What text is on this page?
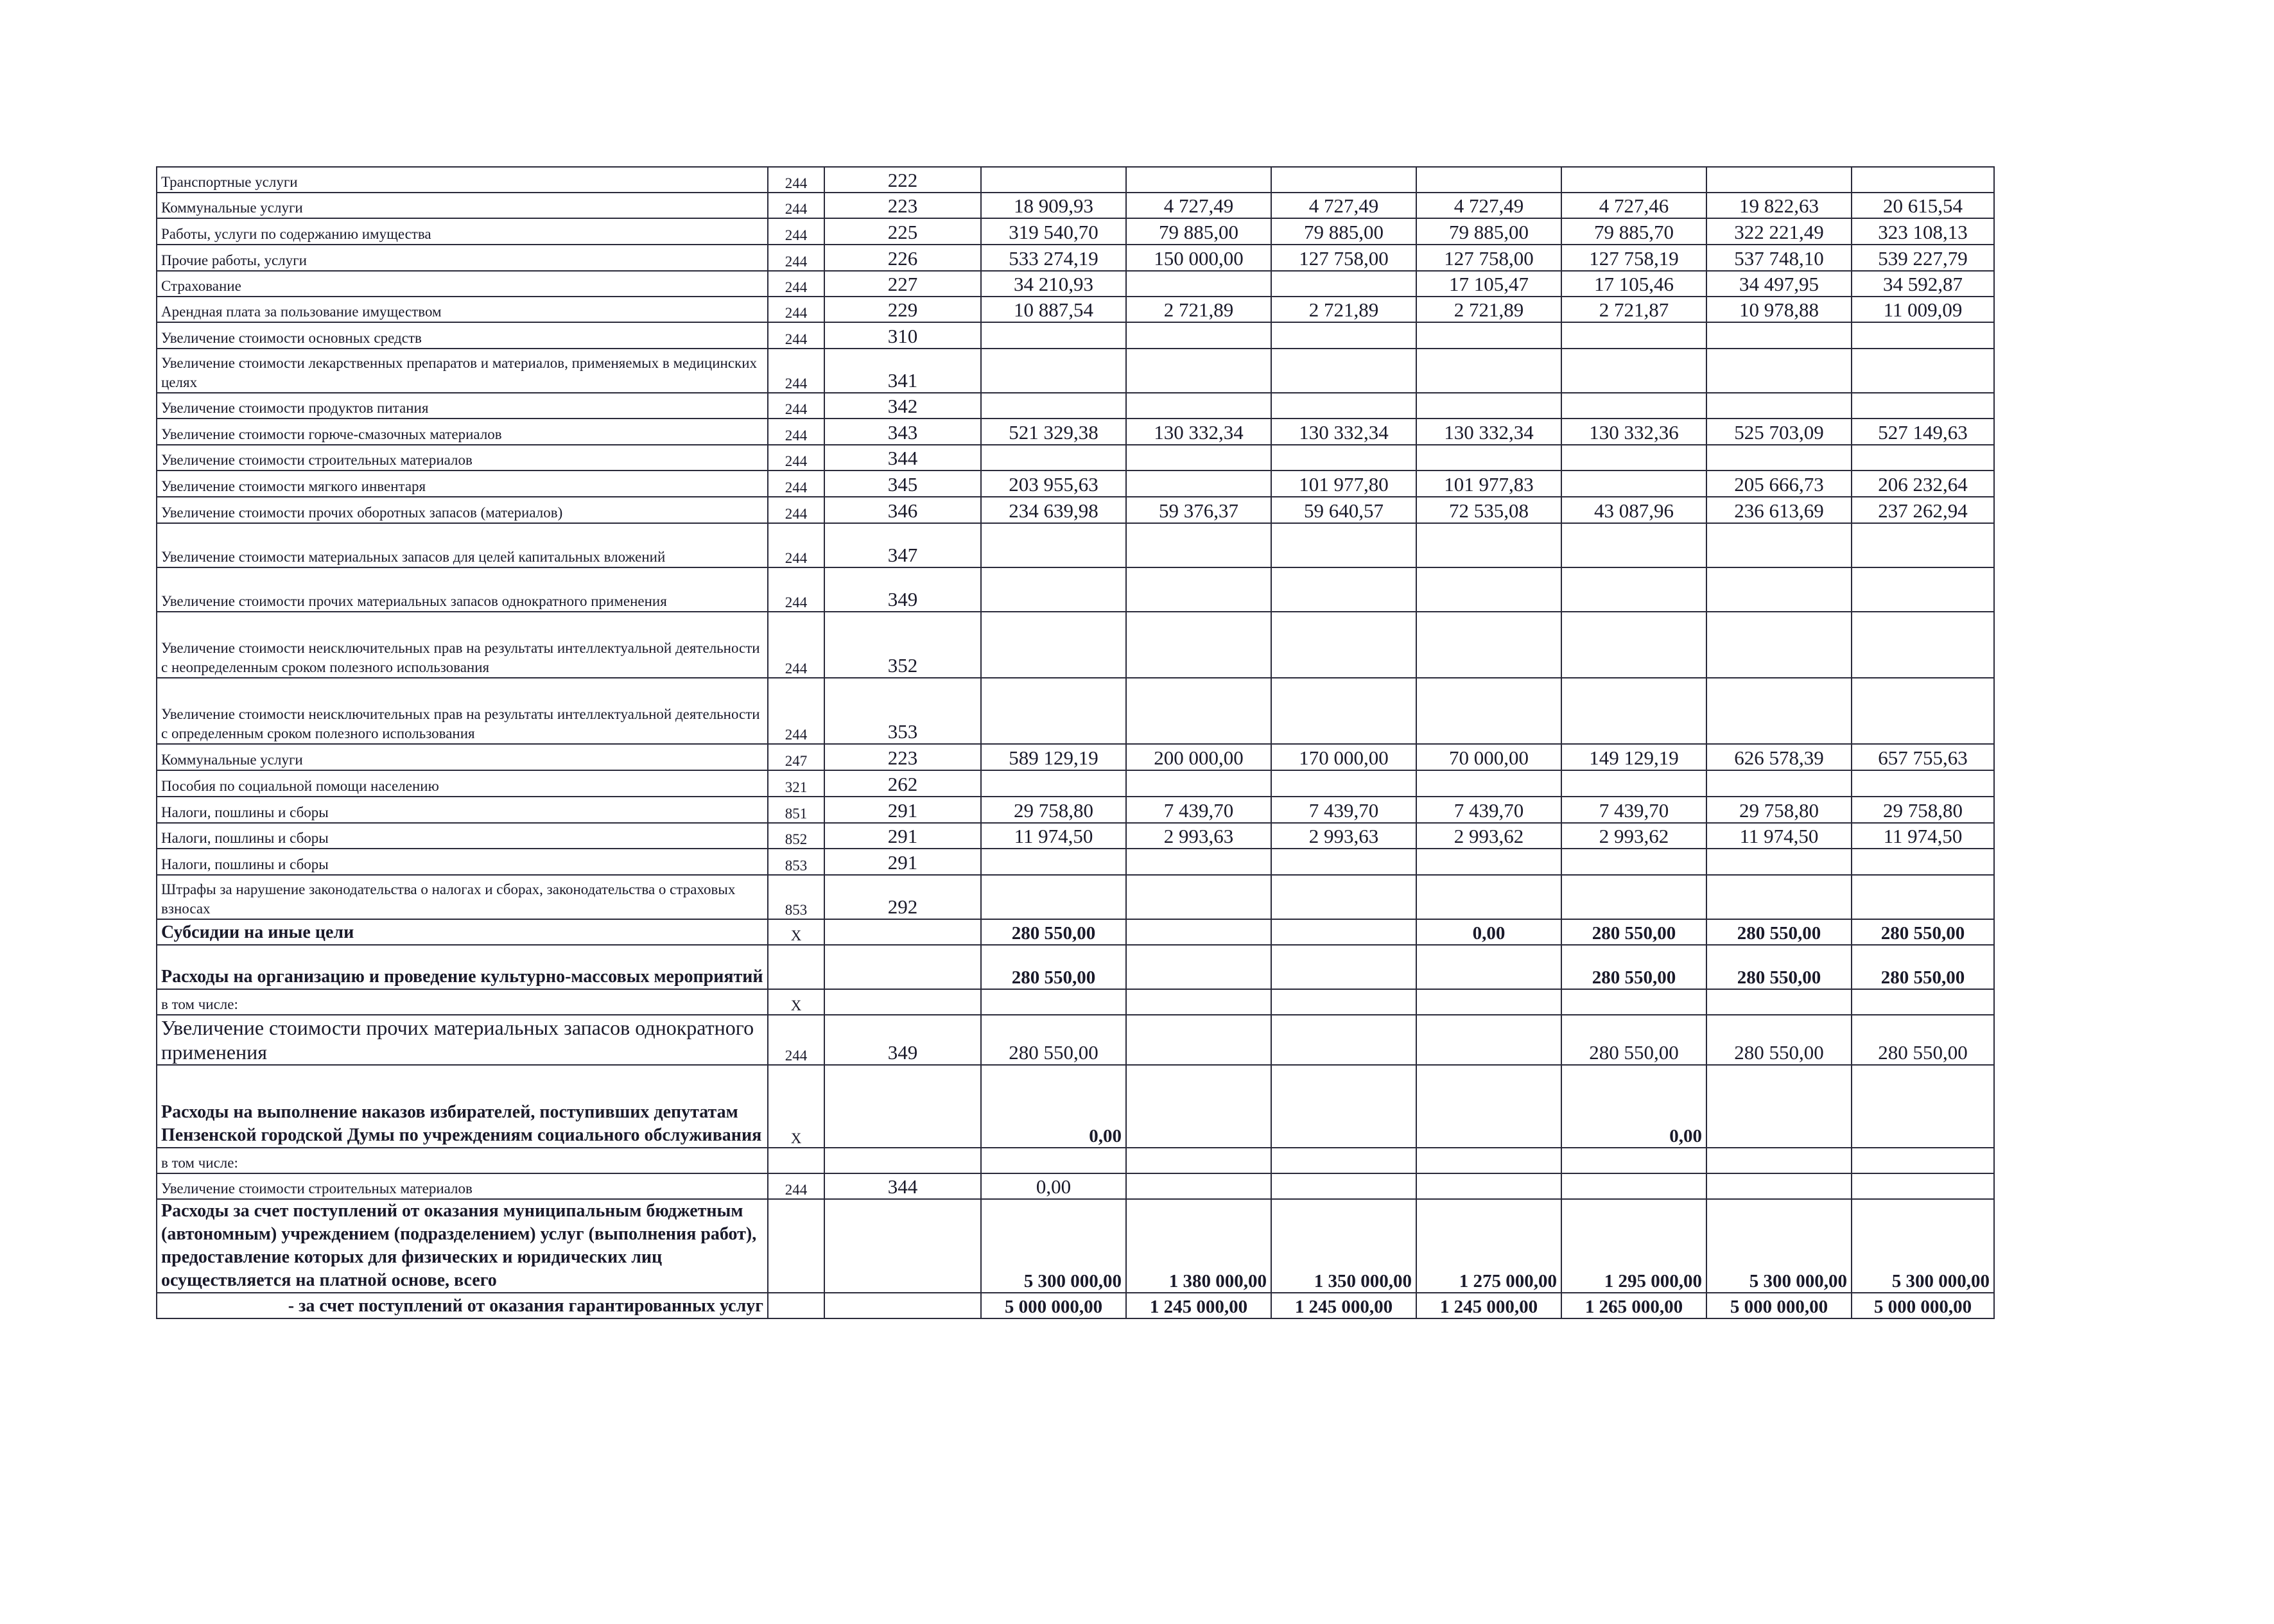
Транспортные услуги	244	222							
Коммунальные услуги	244	223	18 909,93	4 727,49	4 727,49	4 727,49	4 727,46	19 822,63	20 615,54
Работы, услуги по содержанию имущества	244	225	319 540,70	79 885,00	79 885,00	79 885,00	79 885,70	322 221,49	323 108,13
Прочие работы, услуги	244	226	533 274,19	150 000,00	127 758,00	127 758,00	127 758,19	537 748,10	539 227,79
Страхование	244	227	34 210,93			17 105,47	17 105,46	34 497,95	34 592,87
Арендная плата за пользование имуществом	244	229	10 887,54	2 721,89	2 721,89	2 721,89	2 721,87	10 978,88	11 009,09
Увеличение стоимости основных средств	244	310							
Увеличение стоимости лекарственных препаратов и материалов, применяемых в медицинских целях	244	341							
Увеличение стоимости продуктов питания	244	342							
Увеличение стоимости горюче-смазочных материалов	244	343	521 329,38	130 332,34	130 332,34	130 332,34	130 332,36	525 703,09	527 149,63
Увеличение стоимости строительных материалов	244	344							
Увеличение стоимости мягкого инвентаря	244	345	203 955,63		101 977,80	101 977,83		205 666,73	206 232,64
Увеличение стоимости прочих оборотных запасов (материалов)	244	346	234 639,98	59 376,37	59 640,57	72 535,08	43 087,96	236 613,69	237 262,94
Увеличение стоимости материальных запасов для целей капитальных вложений	244	347							
Увеличение стоимости прочих материальных запасов однократного применения	244	349							
Увеличение стоимости неисключительных прав на результаты интеллектуальной деятельности с неопределенным сроком полезного использования	244	352							
Увеличение стоимости неисключительных прав на результаты интеллектуальной деятельности с определенным сроком полезного использования	244	353							
Коммунальные услуги	247	223	589 129,19	200 000,00	170 000,00	70 000,00	149 129,19	626 578,39	657 755,63
Пособия по социальной помощи населению	321	262							
Налоги, пошлины и сборы	851	291	29 758,80	7 439,70	7 439,70	7 439,70	7 439,70	29 758,80	29 758,80
Налоги, пошлины и сборы	852	291	11 974,50	2 993,63	2 993,63	2 993,62	2 993,62	11 974,50	11 974,50
Налоги, пошлины и сборы	853	291							
Штрафы за нарушение законодательства о налогах и сборах, законодательства о страховых взносах	853	292							
Субсидии на иные цели	X		280 550,00			0,00	280 550,00	280 550,00	280 550,00
Расходы на организацию и проведение культурно-массовых мероприятий			280 550,00				280 550,00	280 550,00	280 550,00
в том числе:	X								
Увеличение стоимости прочих материальных запасов однократного применения	244	349	280 550,00				280 550,00	280 550,00	280 550,00
Расходы на выполнение наказов избирателей, поступивших депутатам Пензенской городской Думы по учреждениям социального обслуживания	X		0,00				0,00		
в том числе:									
Увеличение стоимости строительных материалов	244	344	0,00						
Расходы за счет поступлений от оказания муниципальным бюджетным (автономным) учреждением (подразделением) услуг (выполнения работ), предоставление которых для физических и юридических лиц осуществляется на платной основе, всего			5 300 000,00	1 380 000,00	1 350 000,00	1 275 000,00	1 295 000,00	5 300 000,00	5 300 000,00
- за счет поступлений от оказания гарантированных услуг			5 000 000,00	1 245 000,00	1 245 000,00	1 245 000,00	1 265 000,00	5 000 000,00	5 000 000,00
